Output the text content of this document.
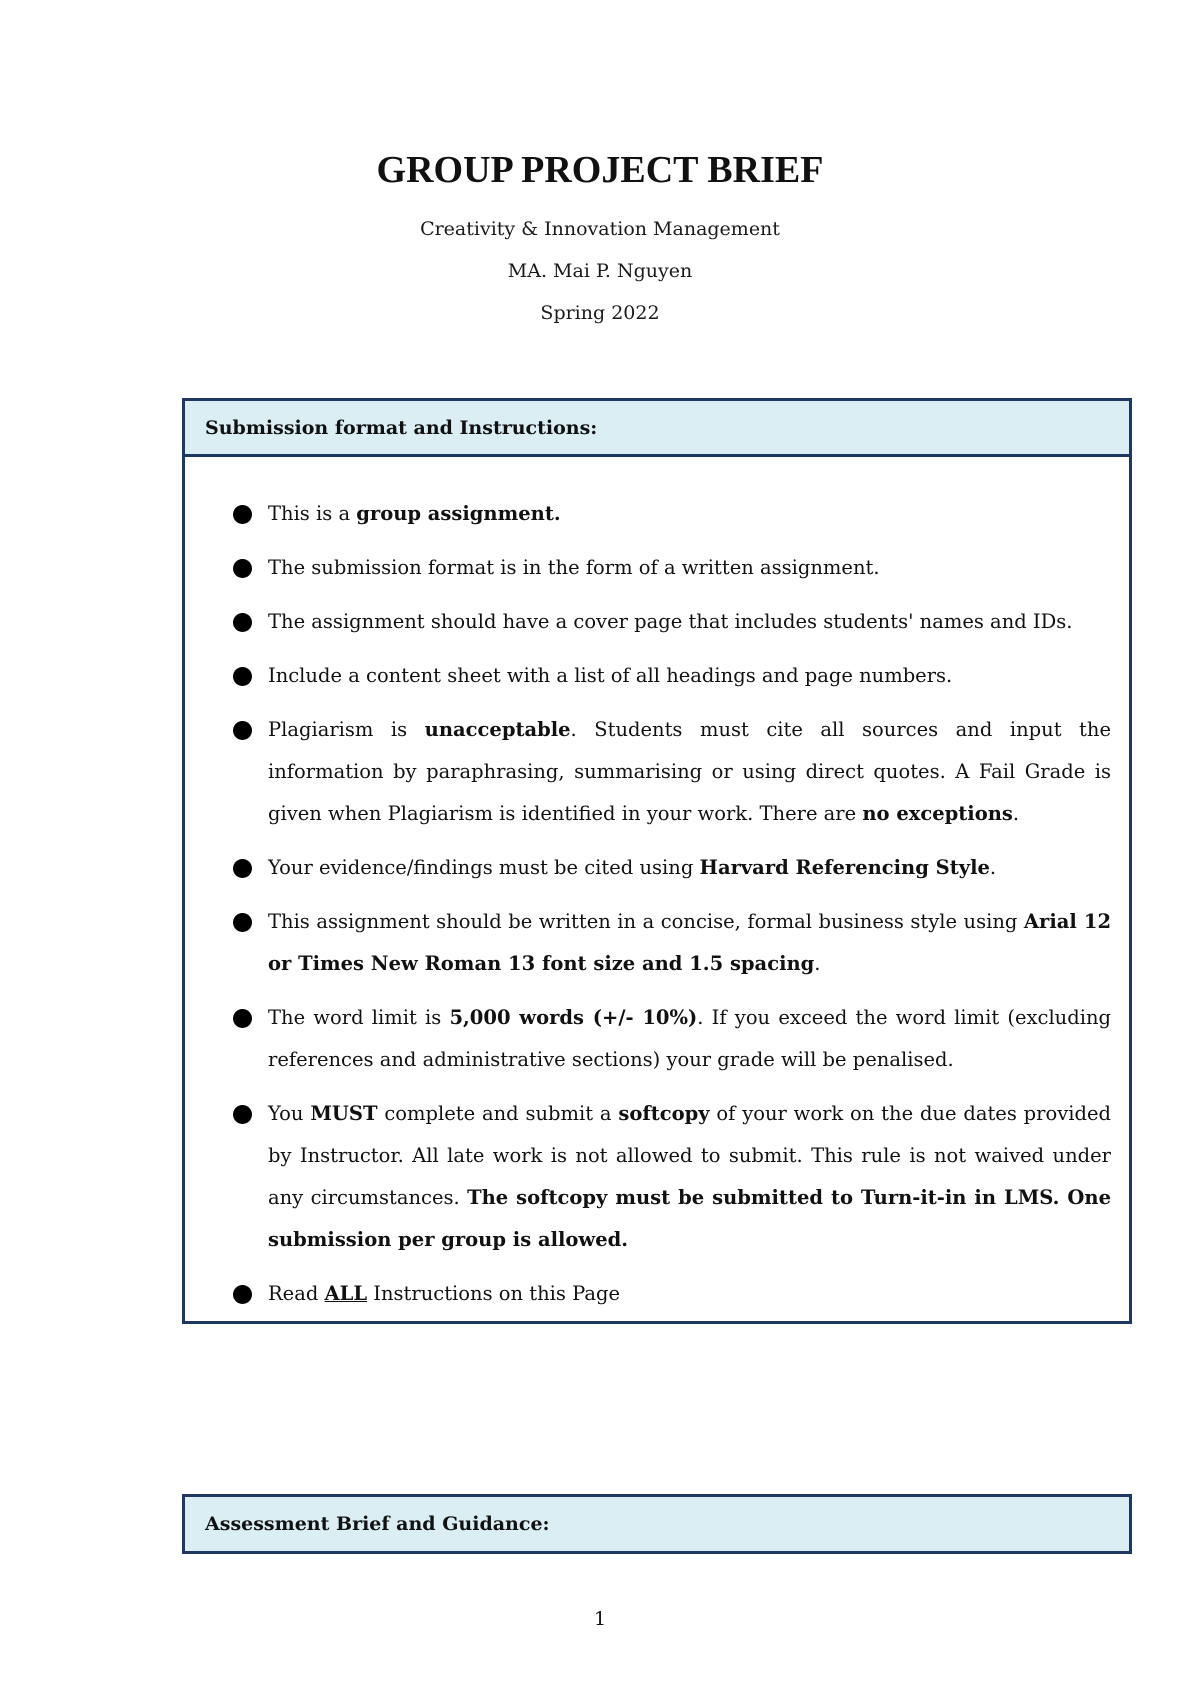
GROUP PROJECT BRIEF

Creativity & Innovation Management

MA. Mai P. Nguyen

Spring 2022

Submission format and Instructions:
This is a group assignment.
The submission format is in the form of a written assignment.
The assignment should have a cover page that includes students' names and IDs.
Include a content sheet with a list of all headings and page numbers.
Plagiarism is unacceptable. Students must cite all sources and input the information by paraphrasing, summarising or using direct quotes. A Fail Grade is given when Plagiarism is identified in your work. There are no exceptions.
Your evidence/findings must be cited using Harvard Referencing Style.
This assignment should be written in a concise, formal business style using Arial 12 or Times New Roman 13 font size and 1.5 spacing.
The word limit is 5,000 words (+/- 10%). If you exceed the word limit (excluding references and administrative sections) your grade will be penalised.
You MUST complete and submit a softcopy of your work on the due dates provided by Instructor. All late work is not allowed to submit. This rule is not waived under any circumstances. The softcopy must be submitted to Turn-it-in in LMS. One submission per group is allowed.
Read ALL Instructions on this Page
Assessment Brief and Guidance:
1
